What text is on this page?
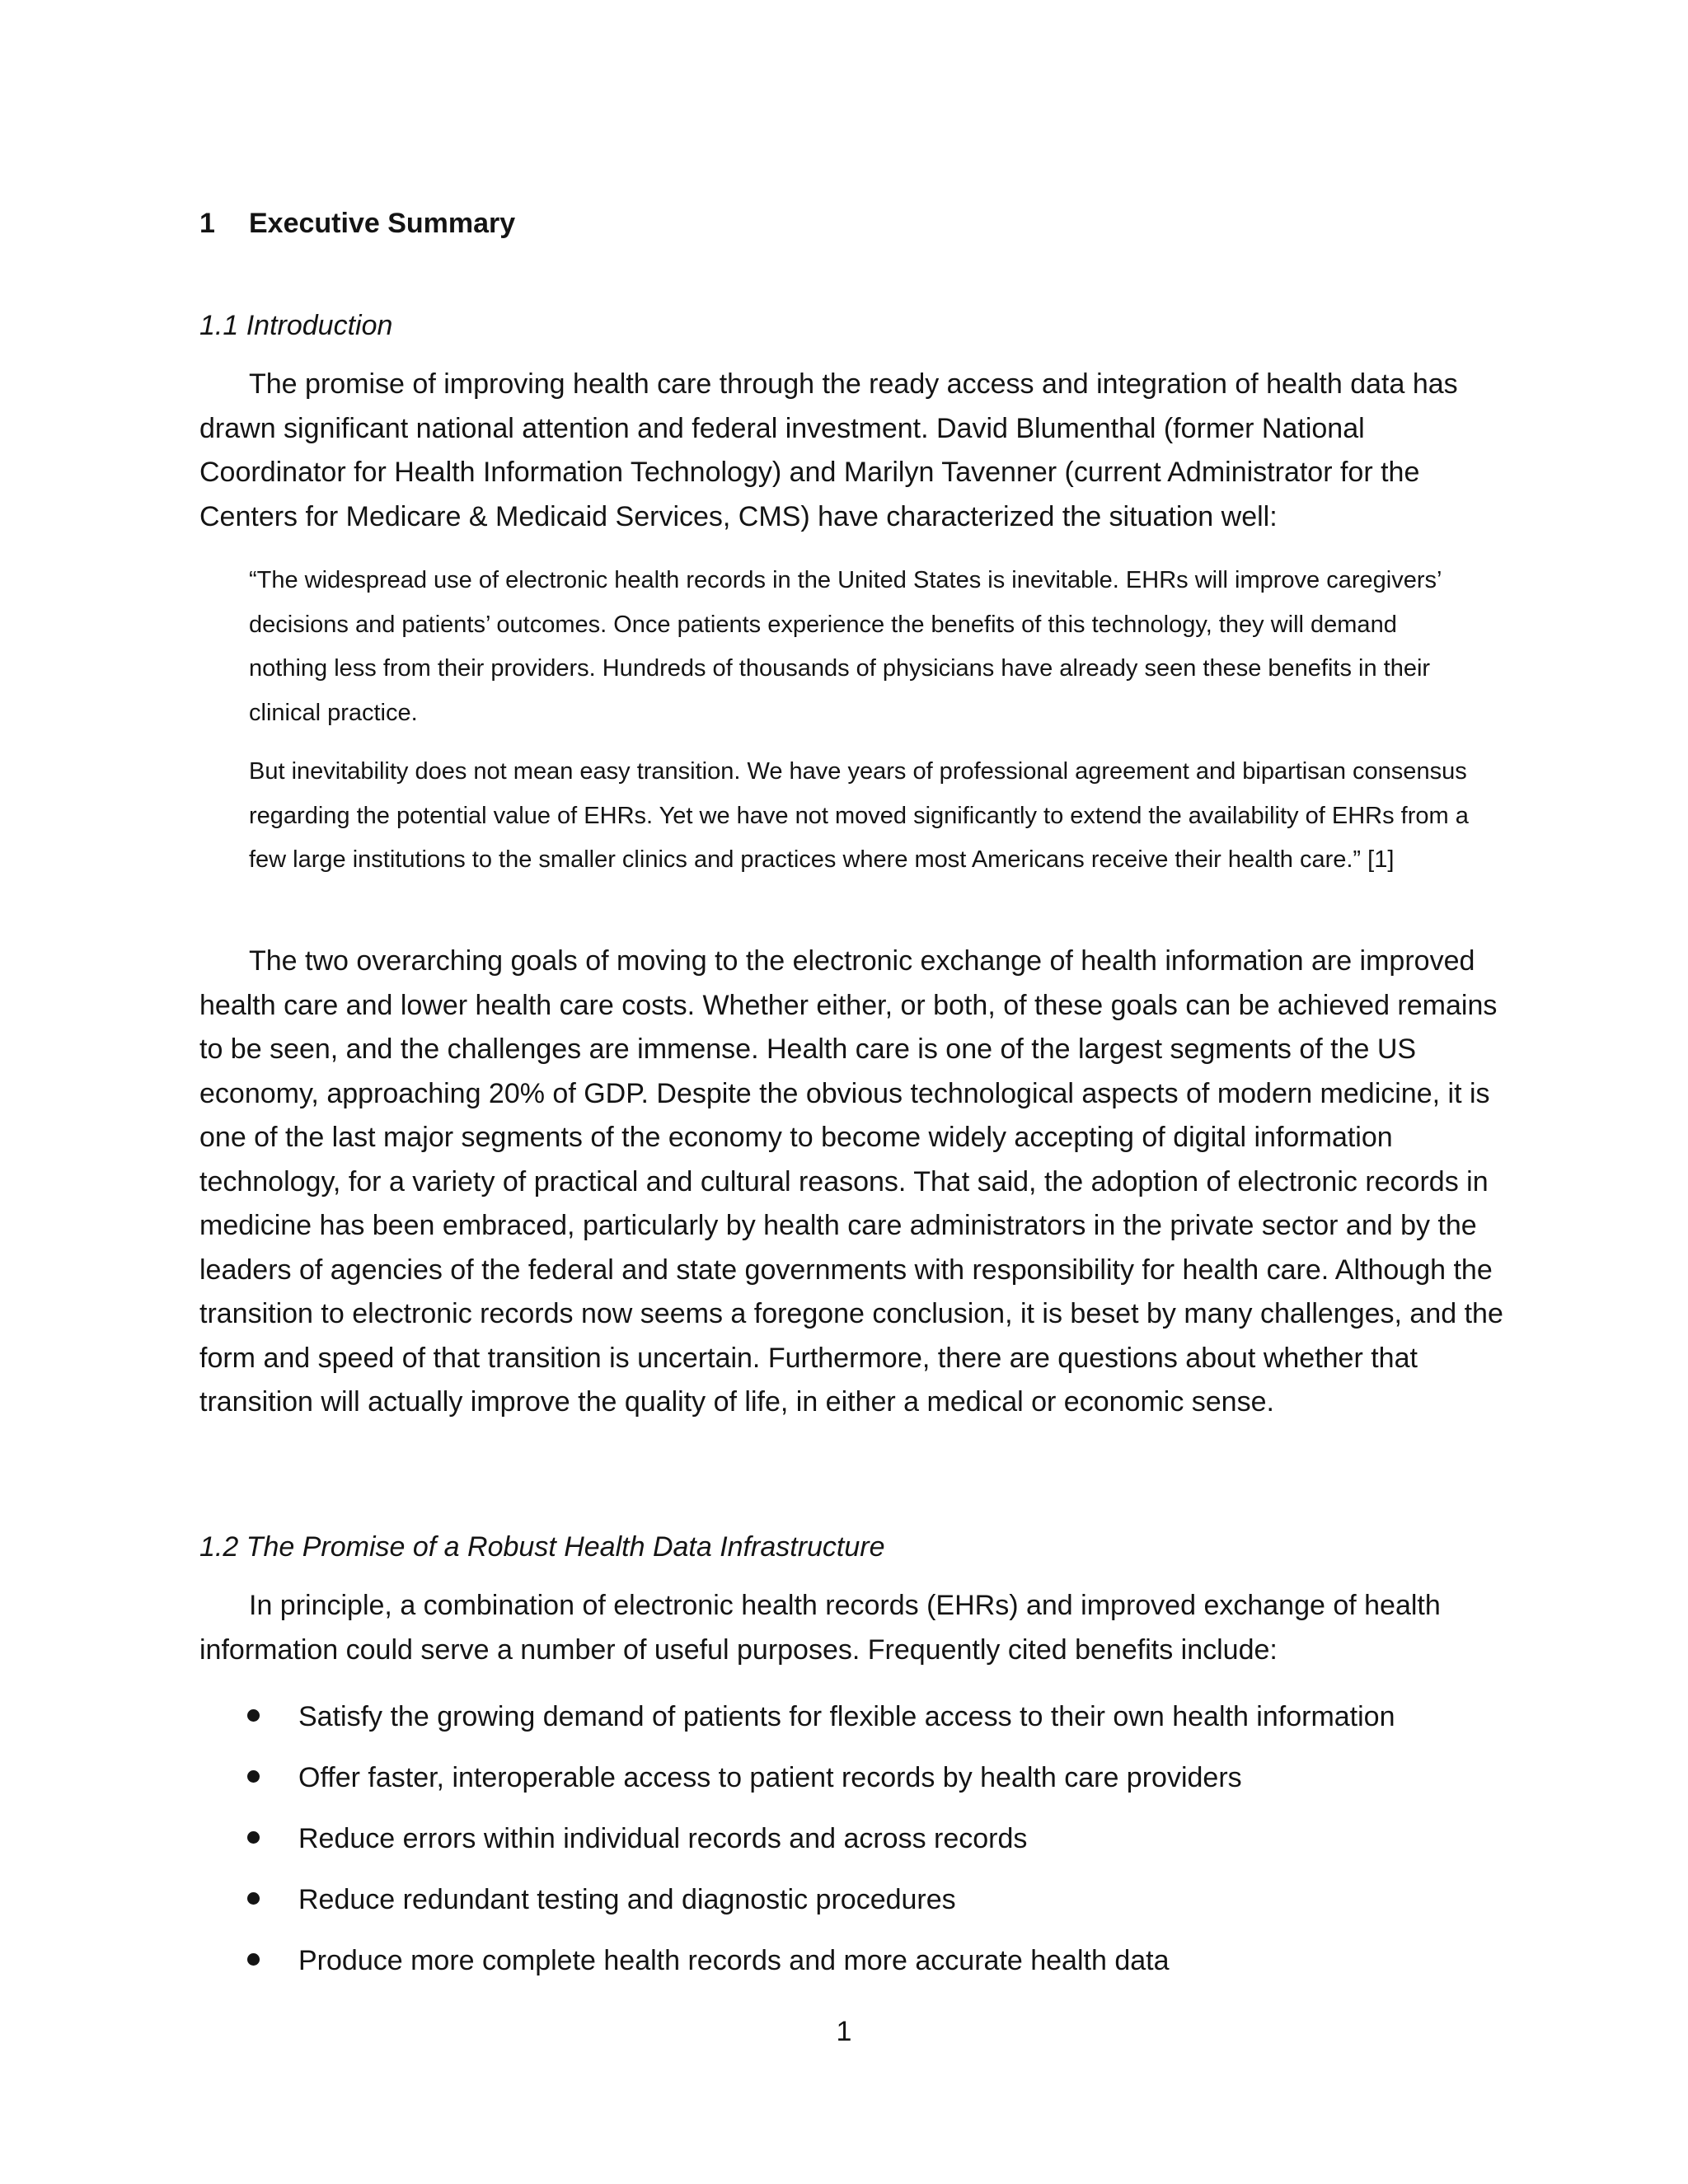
1 Executive Summary
1.1 Introduction

The promise of improving health care through the ready access and integration of health data has drawn significant national attention and federal investment. David Blumenthal (former National Coordinator for Health Information Technology) and Marilyn Tavenner (current Administrator for the Centers for Medicare & Medicaid Services, CMS) have characterized the situation well:

“The widespread use of electronic health records in the United States is inevitable. EHRs will improve caregivers’ decisions and patients’ outcomes. Once patients experience the benefits of this technology, they will demand nothing less from their providers. Hundreds of thousands of physicians have already seen these benefits in their clinical practice.

But inevitability does not mean easy transition. We have years of professional agreement and bipartisan consensus regarding the potential value of EHRs. Yet we have not moved significantly to extend the availability of EHRs from a few large institutions to the smaller clinics and practices where most Americans receive their health care.” [1]

The two overarching goals of moving to the electronic exchange of health information are improved health care and lower health care costs. Whether either, or both, of these goals can be achieved remains to be seen, and the challenges are immense. Health care is one of the largest segments of the US economy, approaching 20% of GDP. Despite the obvious technological aspects of modern medicine, it is one of the last major segments of the economy to become widely accepting of digital information technology, for a variety of practical and cultural reasons. That said, the adoption of electronic records in medicine has been embraced, particularly by health care administrators in the private sector and by the leaders of agencies of the federal and state governments with responsibility for health care. Although the transition to electronic records now seems a foregone conclusion, it is beset by many challenges, and the form and speed of that transition is uncertain. Furthermore, there are questions about whether that transition will actually improve the quality of life, in either a medical or economic sense.

1.2 The Promise of a Robust Health Data Infrastructure

In principle, a combination of electronic health records (EHRs) and improved exchange of health information could serve a number of useful purposes. Frequently cited benefits include:

Satisfy the growing demand of patients for flexible access to their own health information
Offer faster, interoperable access to patient records by health care providers
Reduce errors within individual records and across records
Reduce redundant testing and diagnostic procedures
Produce more complete health records and more accurate health data
1
